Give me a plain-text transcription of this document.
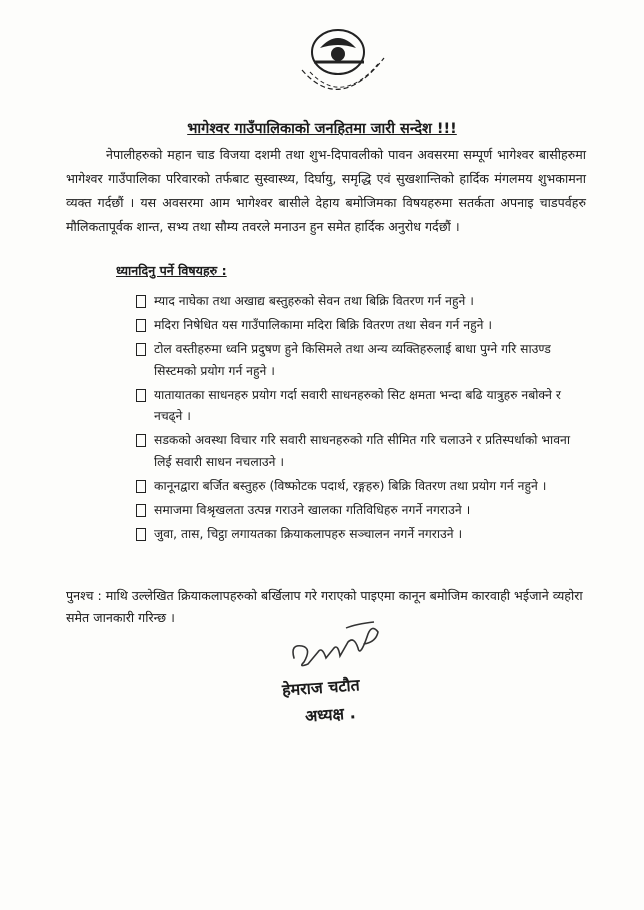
भागेश्वर गाउँपालिकाको जनहितमा जारी सन्देश !!!
नेपालीहरुको महान चाड विजया दशमी तथा शुभ-दिपावलीको पावन अवसरमा सम्पूर्ण भागेश्वर बासीहरुमा भागेश्वर गाउँपालिका परिवारको तर्फबाट सुस्वास्थ्य, दिर्घायु, समृद्धि एवं सुखशान्तिको हार्दिक मंगलमय शुभकामना व्यक्त गर्दछौं । यस अवसरमा आम भागेश्वर बासीले देहाय बमोजिमका विषयहरुमा सतर्कता अपनाइ चाडपर्वहरु मौलिकतापूर्वक शान्त, सभ्य तथा सौम्य तवरले मनाउन हुन समेत हार्दिक अनुरोध गर्दछौं ।
ध्यानदिनु पर्ने विषयहरु :
म्याद नाघेका तथा अखाद्य बस्तुहरुको सेवन तथा बिक्रि वितरण गर्न नहुने ।
मदिरा निषेधित यस गाउँपालिकामा मदिरा बिक्रि वितरण तथा सेवन गर्न नहुने ।
टोल वस्तीहरुमा ध्वनि प्रदुषण हुने किसिमले तथा अन्य व्यक्तिहरुलाई बाधा पुग्ने गरि साउण्ड सिस्टमको प्रयोग गर्न नहुने ।
यातायातका साधनहरु प्रयोग गर्दा सवारी साधनहरुको सिट क्षमता भन्दा बढि यात्रुहरु नबोक्ने र नचढ्ने ।
सडकको अवस्था विचार गरि सवारी साधनहरुको गति सीमित गरि चलाउने र प्रतिस्पर्धाको भावना लिई सवारी साधन नचलाउने ।
कानूनद्वारा बर्जित बस्तुहरु (विष्फोटक पदार्थ, रङ्गहरु) बिक्रि वितरण तथा प्रयोग गर्न नहुने ।
समाजमा विश्रृखलता उत्पन्न गराउने खालका गतिविधिहरु नगर्ने नगराउने ।
जुवा, तास, चिट्ठा लगायतका क्रियाकलापहरु सञ्चालन नगर्ने नगराउने ।
पुनश्च : माथि उल्लेखित क्रियाकलापहरुको बर्खिलाप गरे गराएको पाइएमा कानून बमोजिम कारवाही भईजाने व्यहोरा समेत जानकारी गरिन्छ ।
हेमराज चटौत
अध्यक्ष .
